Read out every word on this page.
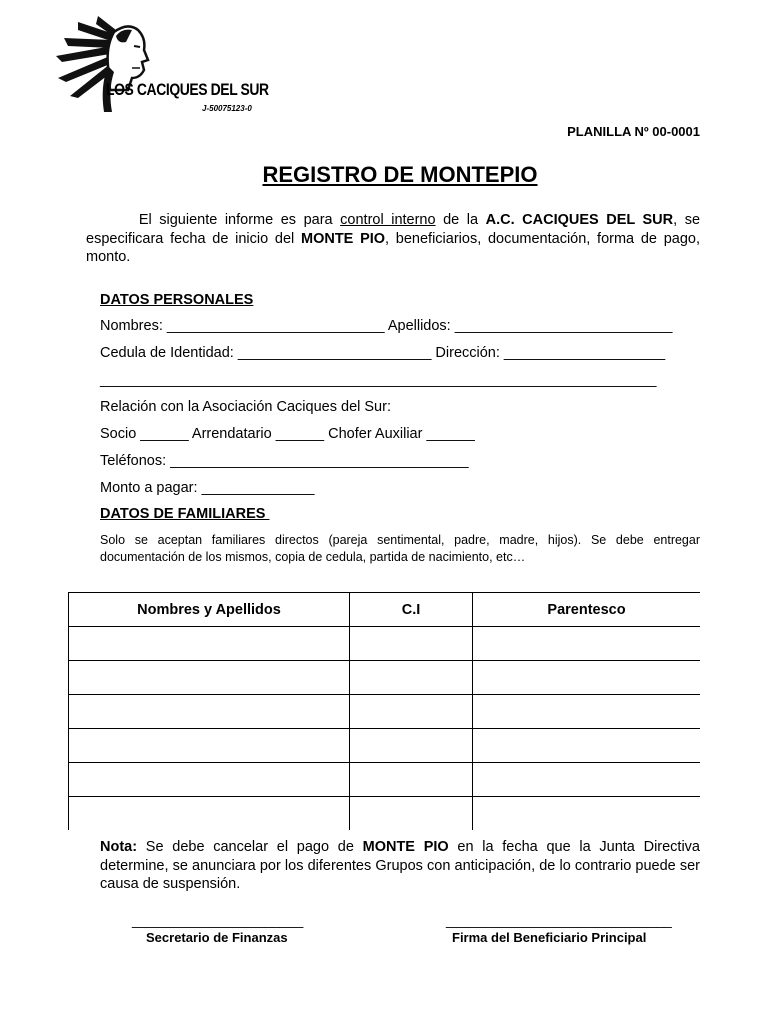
LOS CACIQUES DEL SUR
J-50075123-0
PLANILLA Nº 00-0001
REGISTRO DE MONTEPIO
El siguiente informe es para control interno de la A.C. CACIQUES DEL SUR, se especificara fecha de inicio del MONTE PIO, beneficiarios, documentación, forma de pago, monto.
DATOS PERSONALES
Nombres: ___________________________ Apellidos: ___________________________
Cedula de Identidad: ________________________ Dirección: ____________________
_____________________________________________________________________
Relación con la Asociación Caciques del Sur:
Socio ______ Arrendatario ______ Chofer Auxiliar ______
Teléfonos: _____________________________________
Monto a pagar: ______________
DATOS DE FAMILIARES
Solo se aceptan familiares directos (pareja sentimental, padre, madre, hijos). Se debe entregar documentación de los mismos, copia de cedula, partida de nacimiento, etc…
Nombres y Apellidos	C.I	Parentesco

Nota: Se debe cancelar el pago de MONTE PIO en la fecha que la Junta Directiva determine, se anunciara por los diferentes Grupos con anticipación, de lo contrario puede ser causa de suspensión.
______________________
Secretario de Finanzas
_____________________________
Firma del Beneficiario Principal
